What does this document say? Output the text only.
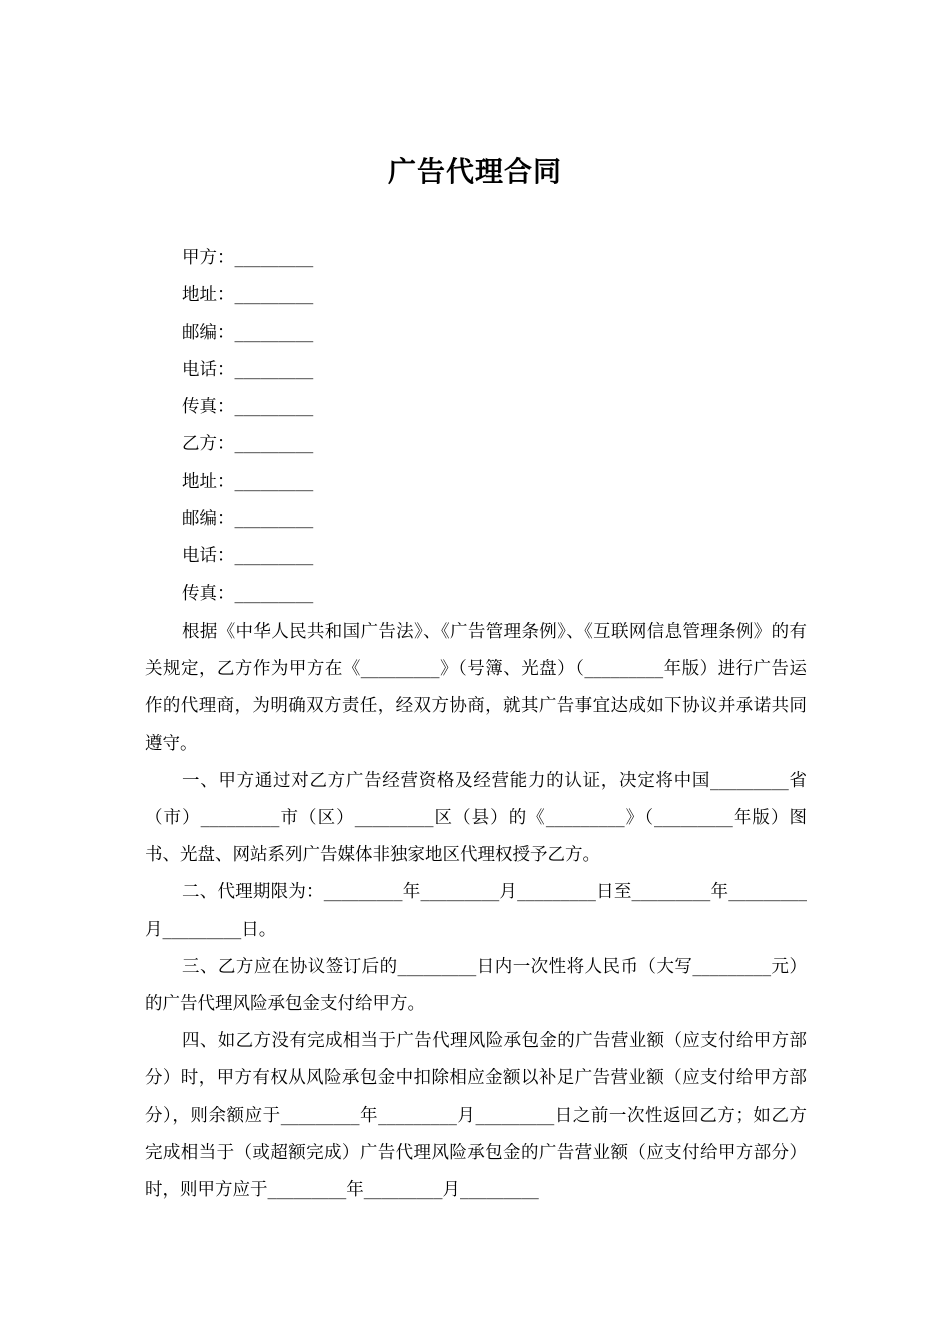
广告代理合同
甲方：_________
地址：_________
邮编：_________
电话：_________
传真：_________
乙方：_________
地址：_________
邮编：_________
电话：_________
传真：_________

根据《中华人民共和国广告法》、《广告管理条例》、《互联网信息管理条例》的有关规定，乙方作为甲方在《_________》（号簿、光盘）（_________年版）进行广告运作的代理商，为明确双方责任，经双方协商，就其广告事宜达成如下协议并承诺共同遵守。

一、甲方通过对乙方广告经营资格及经营能力的认证，决定将中国_________省（市）_________市（区）_________区（县）的《_________》（_________年版）图书、光盘、网站系列广告媒体非独家地区代理权授予乙方。

二、代理期限为：_________年_________月_________日至_________年_________月_________日。

三、乙方应在协议签订后的_________日内一次性将人民币（大写_________元）的广告代理风险承包金支付给甲方。

四、如乙方没有完成相当于广告代理风险承包金的广告营业额（应支付给甲方部分）时，甲方有权从风险承包金中扣除相应金额以补足广告营业额（应支付给甲方部分），则余额应于_________年_________月_________日之前一次性返回乙方；如乙方完成相当于（或超额完成）广告代理风险承包金的广告营业额（应支付给甲方部分）时，则甲方应于_________年_________月_________
